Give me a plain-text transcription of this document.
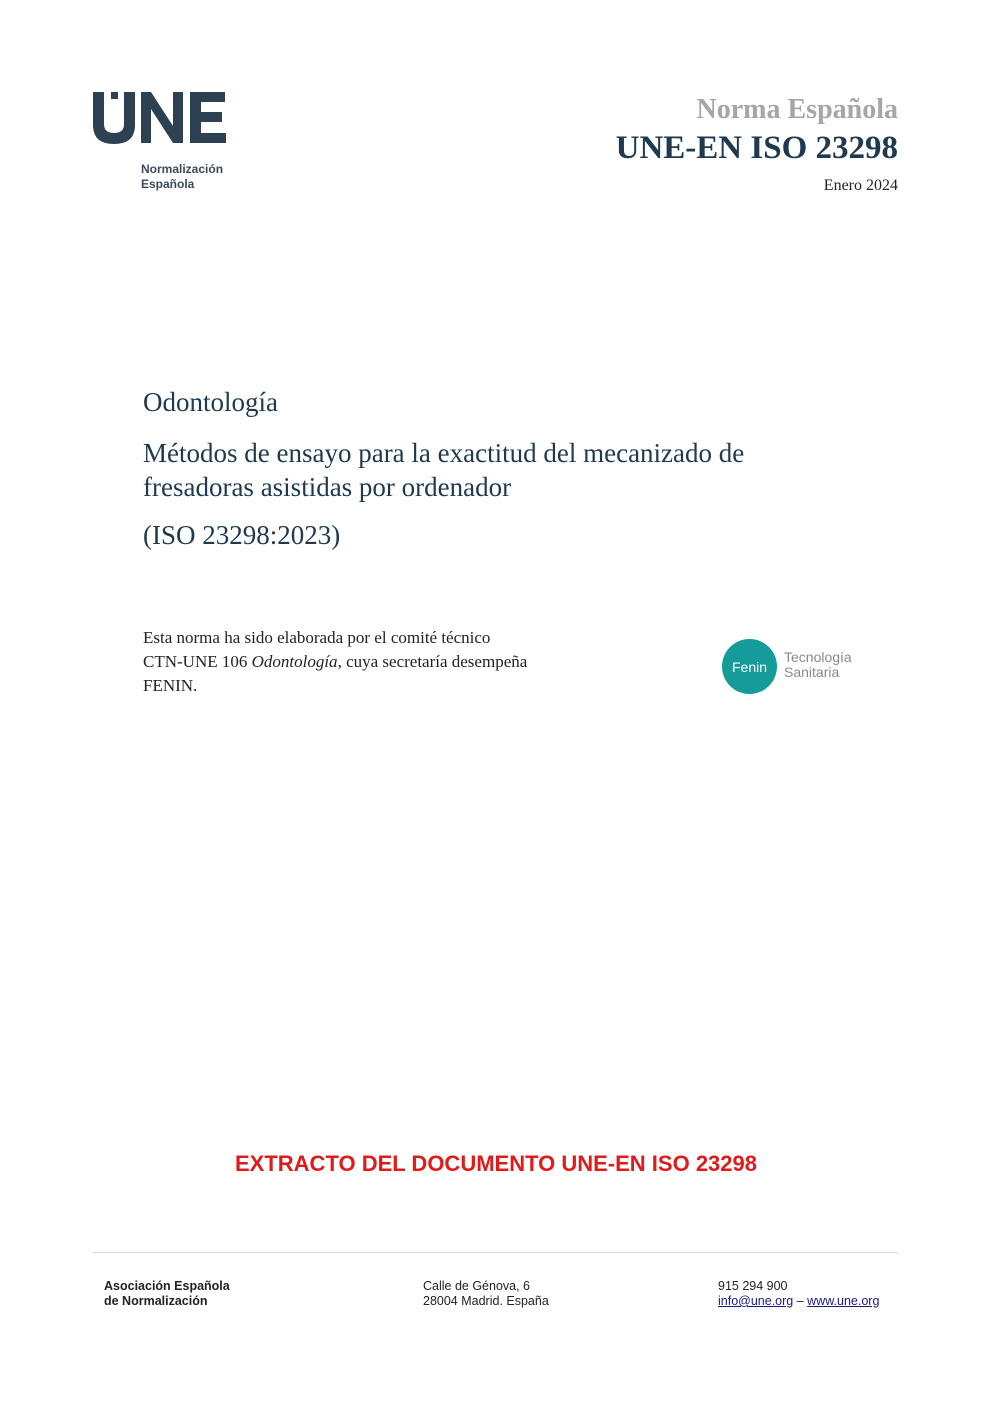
Normalización
Española
Norma Española
UNE-EN ISO 23298
Enero 2024
Odontología
Métodos de ensayo para la exactitud del mecanizado de
fresadoras asistidas por ordenador
(ISO 23298:2023)
Esta norma ha sido elaborada por el comité técnico
CTN-UNE 106 Odontología, cuya secretaría desempeña
FENIN.
Fenin
Tecnología
Sanitaria
EXTRACTO DEL DOCUMENTO UNE-EN ISO 23298
Asociación Española
de Normalización
Calle de Génova, 6
28004 Madrid. España
915 294 900
info@une.org – www.une.org
